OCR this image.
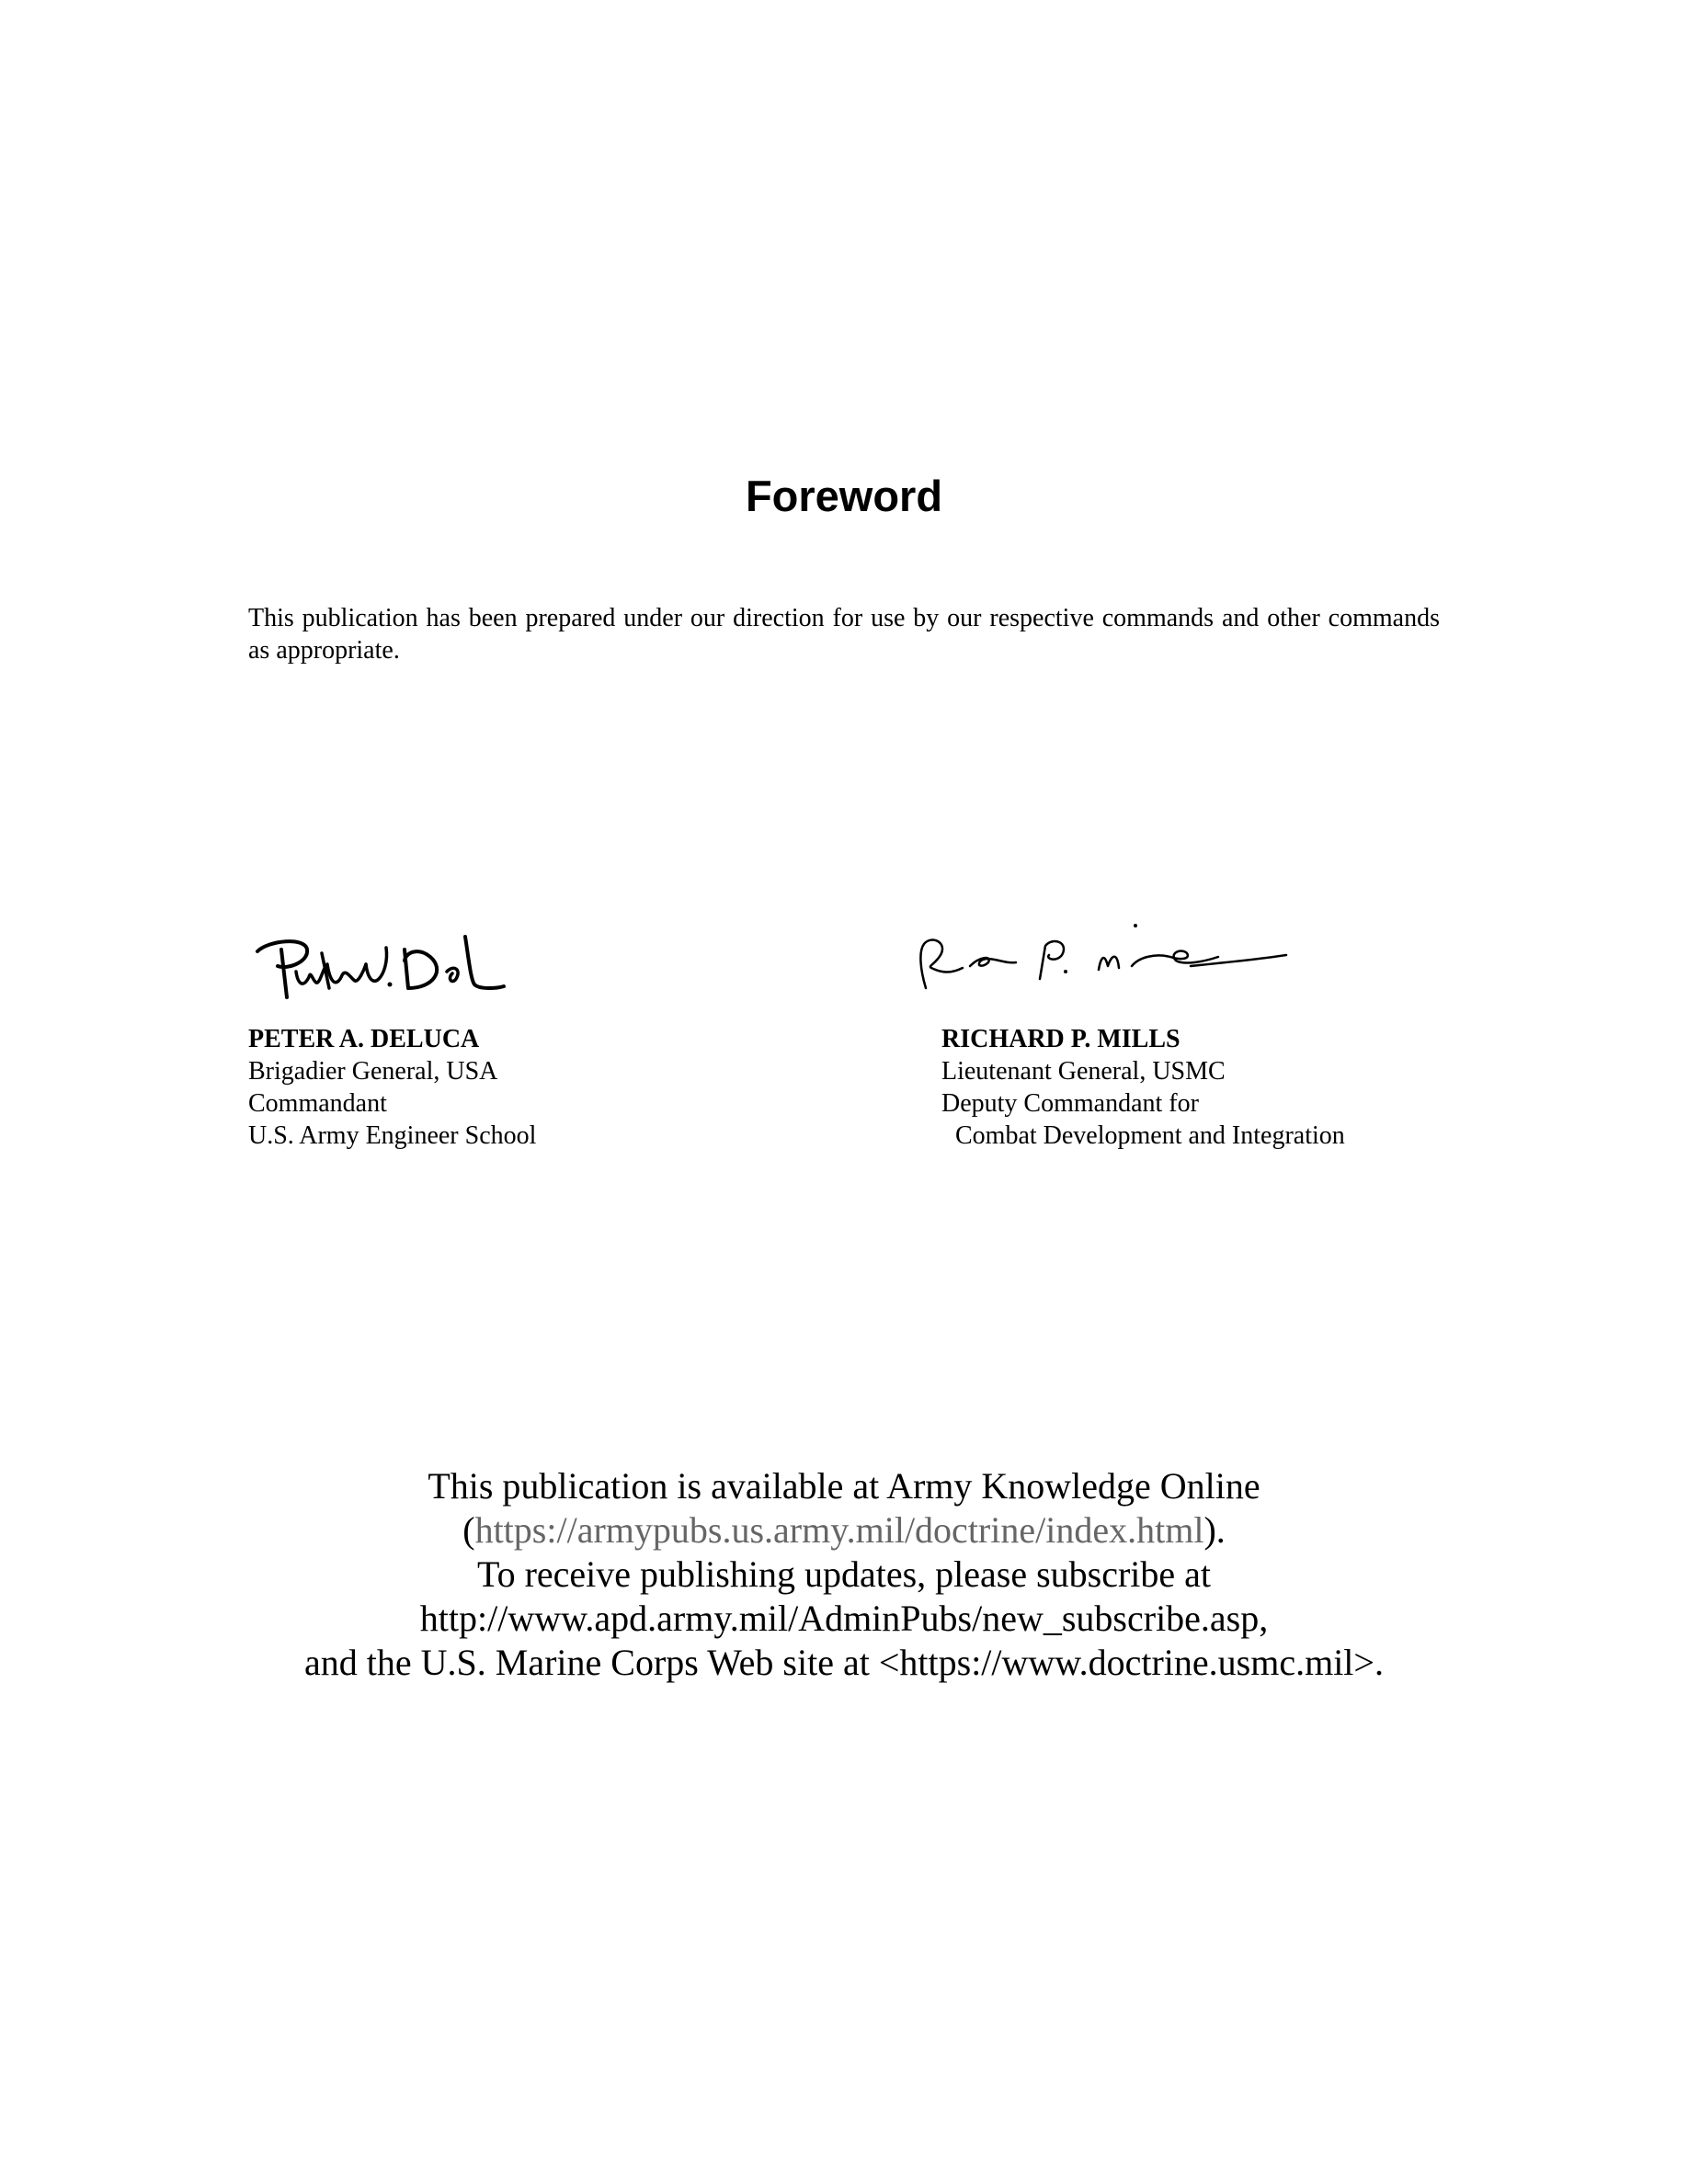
Foreword

This publication has been prepared under our direction for use by our respective commands and other commands as appropriate.

PETER A. DELUCA
Brigadier General, USA
Commandant
U.S. Army Engineer School
RICHARD P. MILLS
Lieutenant General, USMC
Deputy Commandant for
Combat Development and Integration
This publication is available at Army Knowledge Online
(https://armypubs.us.army.mil/doctrine/index.html).
To receive publishing updates, please subscribe at
http://www.apd.army.mil/AdminPubs/new_subscribe.asp,
and the U.S. Marine Corps Web site at <https://www.doctrine.usmc.mil>.
